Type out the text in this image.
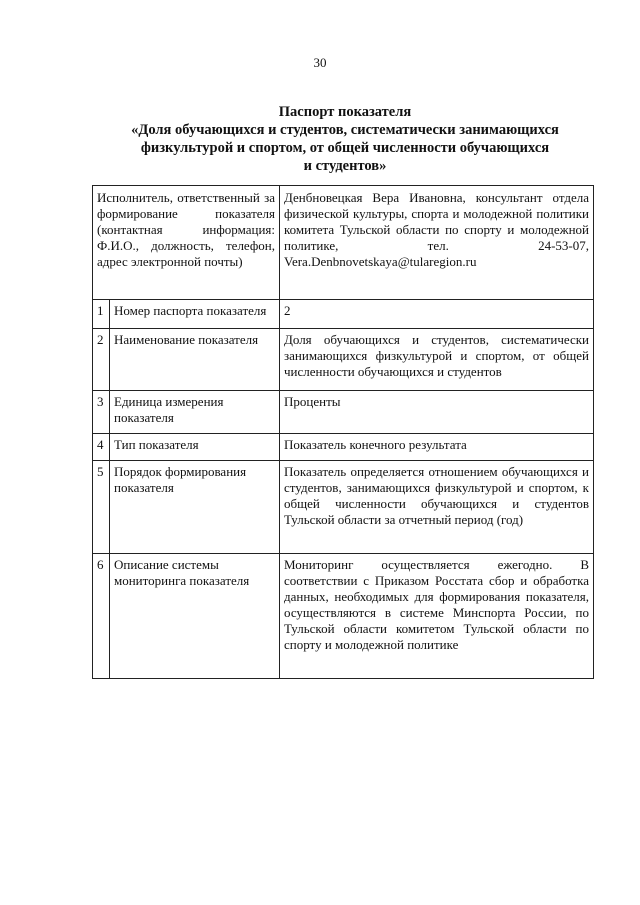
30
Паспорт показателя
«Доля обучающихся и студентов, систематически занимающихся
физкультурой и спортом, от общей численности обучающихся
и студентов»
Исполнитель, ответственный за формирование показателя (контактная информация: Ф.И.О., должность, телефон, адрес электронной почты)		Денбновецкая Вера Ивановна, консультант отдела физической культуры, спорта и молодежной политики комитета Тульской области по спорту и молодежной политике, тел. 24-53-07, Vera.Denbnovetskaya@tularegion.ru
1	Номер паспорта показателя	2
2	Наименование показателя	Доля обучающихся и студентов, систематически занимающихся физкультурой и спортом, от общей численности обучающихся и студентов
3	Единица измерения показателя	Проценты
4	Тип показателя	Показатель конечного результата
5	Порядок формирования показателя	Показатель определяется отношением обучающихся и студентов, занимающихся физкультурой и спортом, к общей численности обучающихся и студентов Тульской области за отчетный период (год)
6	Описание системы мониторинга показателя	Мониторинг осуществляется ежегодно. В соответствии с Приказом Росстата сбор и обработка данных, необходимых для формирования показателя, осуществляются в системе Минспорта России, по Тульской области комитетом Тульской области по спорту и молодежной политике
